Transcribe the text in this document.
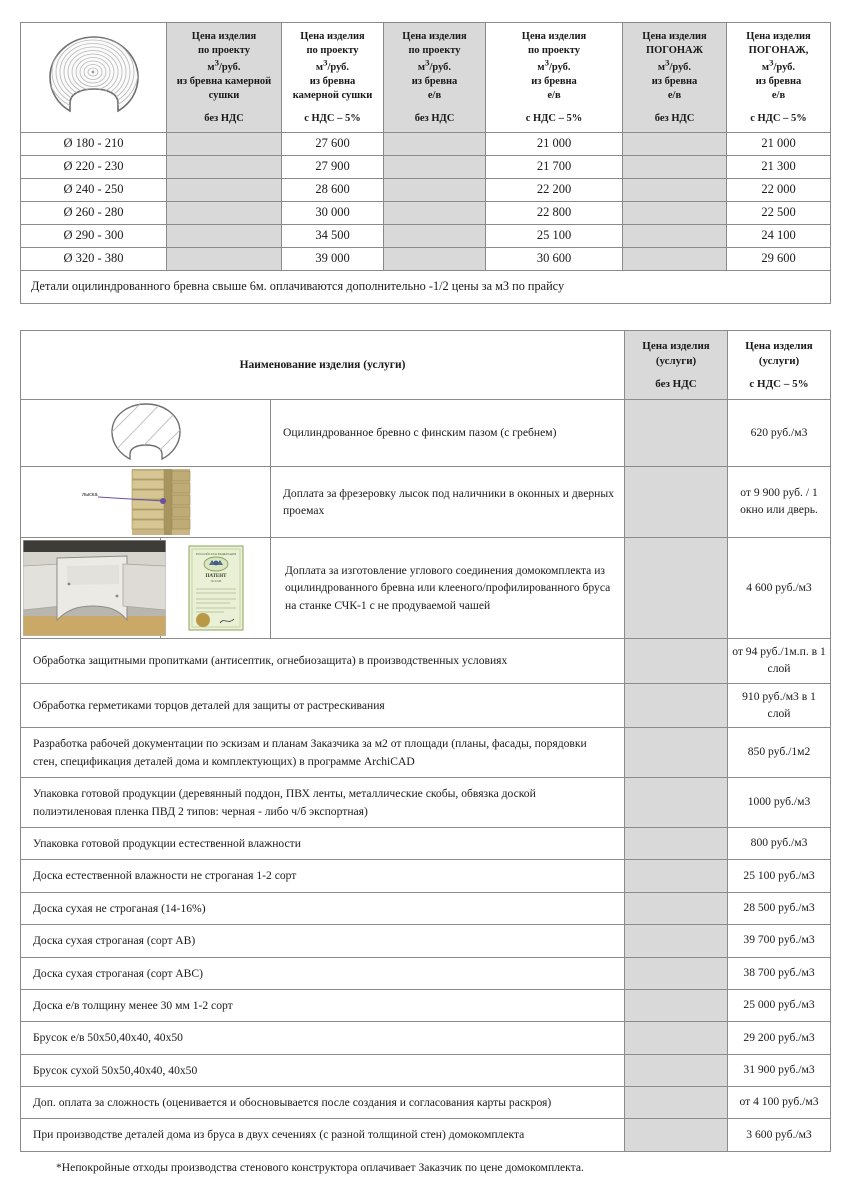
	Цена изделия
по проекту
$м^3$/руб.
из бревна камерной
сушки
без НДС	Цена изделия
по проекту
$м^3$/руб.
из бревна
камерной сушки
с НДС – 5%	Цена изделия
по проекту
$м^3$/руб.
из бревна
е/в
без НДС	Цена изделия
по проекту
$м^3$/руб.
из бревна
е/в
с НДС – 5%	Цена изделия
ПОГОНАЖ
$м^3$/руб.
из бревна
е/в
без НДС	Цена изделия
ПОГОНАЖ,
$м^3$/руб.
из бревна
е/в
с НДС – 5%
Ø 180 - 210		27 600		21 000		21 000
Ø 220 - 230		27 900		21 700		21 300
Ø 240 - 250		28 600		22 200		22 000
Ø 260 - 280		30 000		22 800		22 500
Ø 290 - 300		34 500		25 100		24 100
Ø 320 - 380		39 000		30 600		29 600
Детали оцилиндрованного бревна свыше 6м. оплачиваются дополнительно -1/2 цены за м3 по прайсу						
Наименование изделия (услуги)			Цена изделия
(услуги)
без НДС	Цена изделия
(услуги)
с НДС – 5%

	Оцилиндрованное бревно с финским пазом (с гребнем)		620 руб./м3

лыска		Доплата за фрезеровку лысок под наличники в оконных и дверных проемах		от 9 900 руб. / 1 окно или дверь.

РОССИЙСКАЯ ФЕДЕРАЦИЯ
ПАТЕНТ
№ 2246	Доплата за изготовление углового соединения домокомплекта из оцилиндрованного бревна или клееного/профилированного бруса на станке СЧК-1 с не продуваемой чашей		4 600 руб./м3
Обработка защитными пропитками (антисептик, огнебиозащита) в производственных условиях				от 94 руб./1м.п. в 1 слой
Обработка герметиками торцов деталей для защиты от растрескивания				910 руб./м3 в 1 слой
Разработка рабочей документации по эскизам и планам Заказчика за м2 от площади (планы, фасады, порядовки стен, спецификация деталей дома и комплектующих) в программе ArchiCAD				850 руб./1м2
Упаковка готовой продукции (деревянный поддон, ПВХ ленты, металлические скобы, обвязка доской полиэтиленовая пленка ПВД 2 типов: черная - либо ч/б экспортная)				1000 руб./м3
Упаковка готовой продукции естественной влажности				800 руб./м3
Доска естественной влажности не строганая 1-2 сорт				25 100 руб./м3
Доска сухая не строганая (14-16%)				28 500 руб./м3
Доска сухая строганая (сорт АВ)				39 700 руб./м3
Доска сухая строганая (сорт АВС)				38 700 руб./м3
Доска е/в толщину менее 30 мм 1-2 сорт				25 000 руб./м3
Брусок е/в 50x50,40x40, 40x50				29 200 руб./м3
Брусок сухой 50x50,40x40, 40x50				31 900 руб./м3
Доп. оплата за сложность (оценивается и обосновывается после создания и согласования карты раскроя)				от 4 100 руб./м3
При производстве деталей дома из бруса в двух сечениях (с разной толщиной стен) домокомплекта				3 600 руб./м3
*Непокройные отходы производства стенового конструктора оплачивает Заказчик по цене домокомплекта.
